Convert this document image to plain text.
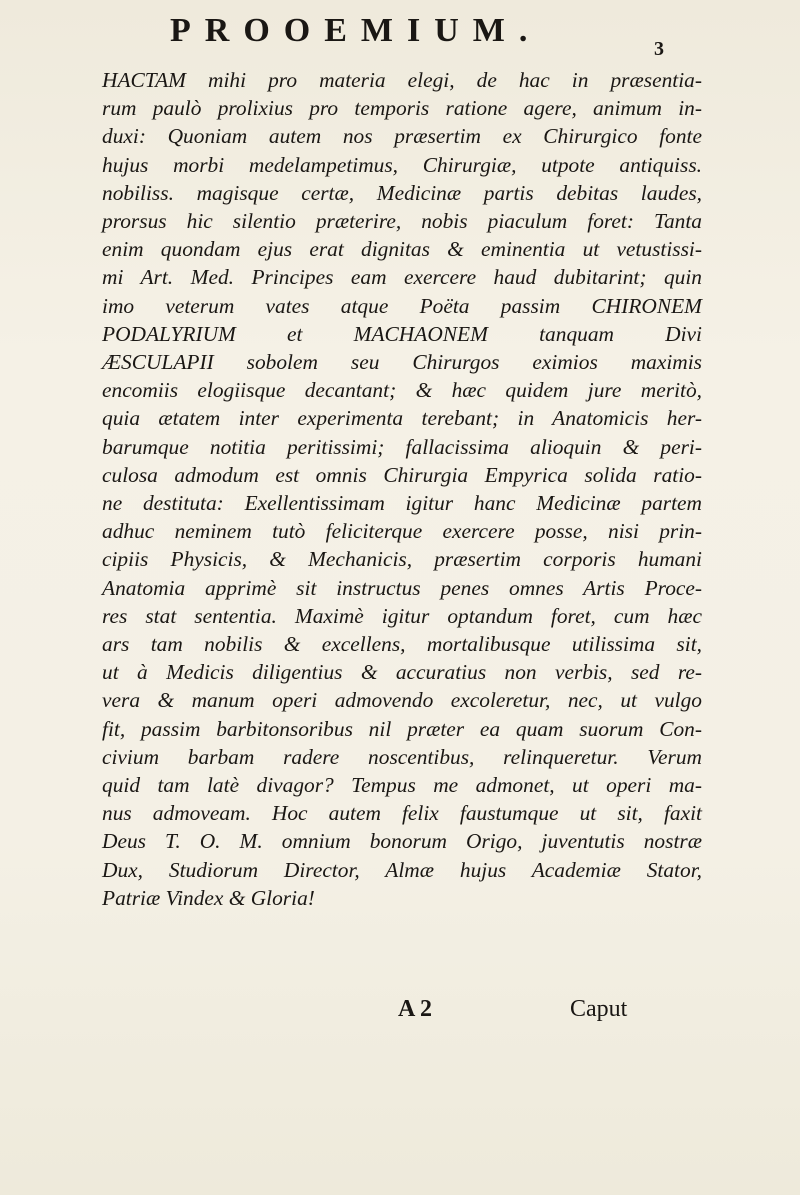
PROOEMIUM.	3
HACTAM mihi pro materia elegi, de hac in præsentia-
rum paulò prolixius pro temporis ratione agere, animum in-
duxi: Quoniam autem nos præsertim ex Chirurgico fonte
hujus morbi medelampetimus, Chirurgiæ, utpote antiquiss.
nobiliss. magisque certæ, Medicinæ partis debitas laudes,
prorsus hic silentio præterire, nobis piaculum foret: Tanta
enim quondam ejus erat dignitas & eminentia ut vetustissi-
mi Art. Med. Principes eam exercere haud dubitarint; quin
imo veterum vates atque Poëta passim CHIRONEM
PODALYRIUM et MACHAONEM tanquam Divi
ÆSCULAPII sobolem seu Chirurgos eximios maximis
encomiis elogiisque decantant; & hæc quidem jure meritò,
quia ætatem inter experimenta terebant; in Anatomicis her-
barumque notitia peritissimi; fallacissima alioquin & peri-
culosa admodum est omnis Chirurgia Empyrica solida ratio-
ne destituta: Exellentissimam igitur hanc Medicinæ partem
adhuc neminem tutò feliciterque exercere posse, nisi prin-
cipiis Physicis, & Mechanicis, præsertim corporis humani
Anatomia apprimè sit instructus penes omnes Artis Proce-
res stat sententia. Maximè igitur optandum foret, cum hæc
ars tam nobilis & excellens, mortalibusque utilissima sit,
ut à Medicis diligentius & accuratius non verbis, sed re-
vera & manum operi admovendo excoleretur, nec, ut vulgo
fit, passim barbitonsoribus nil præter ea quam suorum Con-
civium barbam radere noscentibus, relinqueretur. Verum
quid tam latè divagor? Tempus me admonet, ut operi ma-
nus admoveam. Hoc autem felix faustumque ut sit, faxit
Deus T. O. M. omnium bonorum Origo, juventutis nostræ
Dux, Studiorum Director, Almæ hujus Academiæ Stator,
Patriæ Vindex & Gloria!
A 2	Caput
